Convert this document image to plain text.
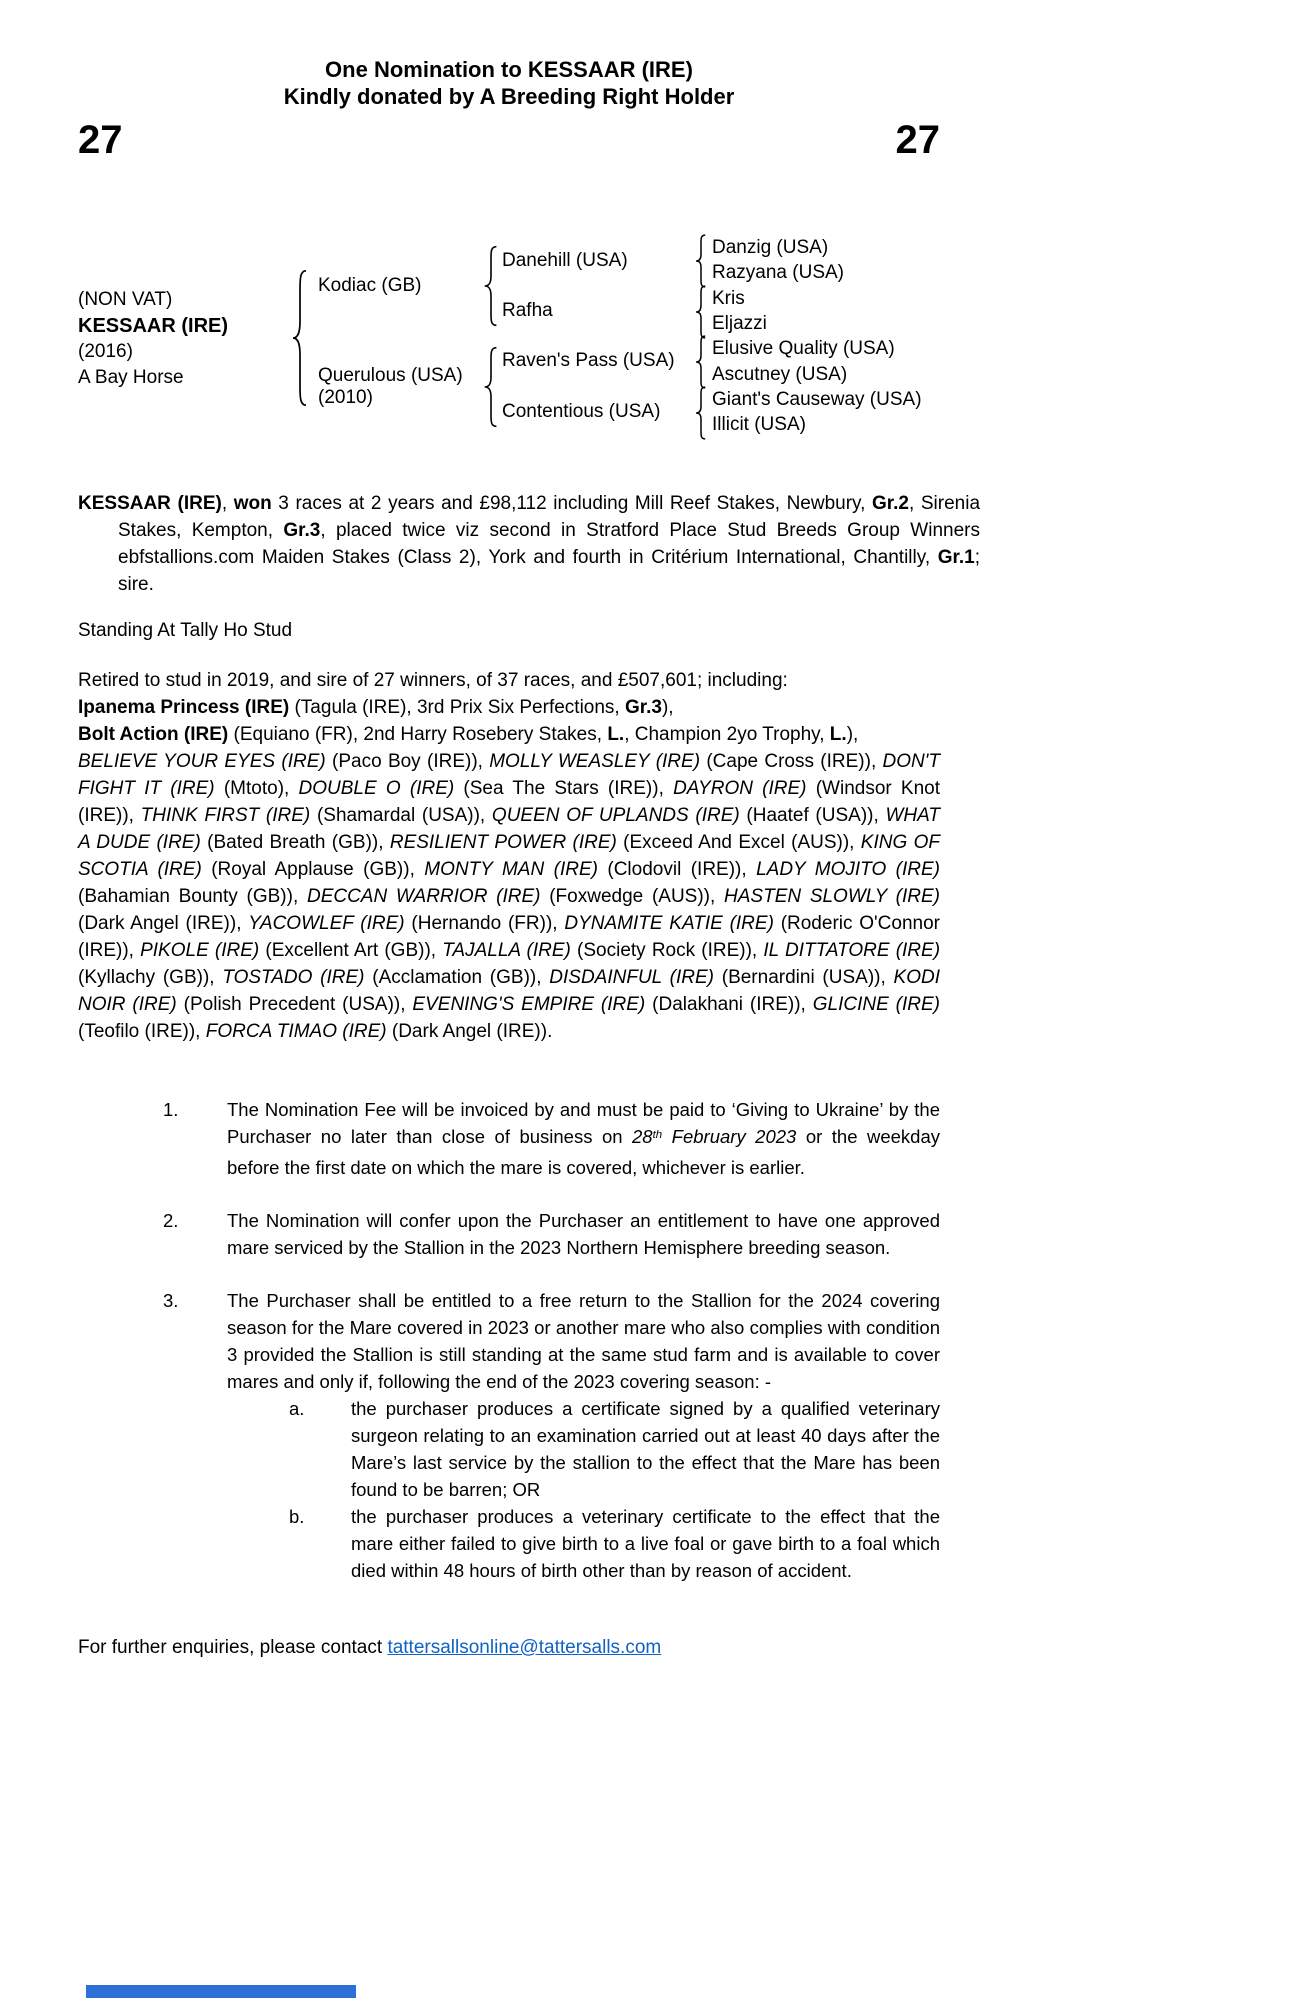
One Nomination to KESSAAR (IRE)
Kindly donated by A Breeding Right Holder
27	27
(NON VAT)
KESSAAR (IRE)
(2016)
A Bay Horse
Kodiac (GB)
Querulous (USA)
(2010)
Danehill (USA)
Rafha
Raven's Pass (USA)
Contentious (USA)
Danzig (USA)
Razyana (USA)
Kris
Eljazzi
Elusive Quality (USA)
Ascutney (USA)
Giant's Causeway (USA)
Illicit (USA)
KESSAAR (IRE), won 3 races at 2 years and £98,112 including Mill Reef Stakes, Newbury, Gr.2, Sirenia Stakes, Kempton, Gr.3, placed twice viz second in Stratford Place Stud Breeds Group Winners ebfstallions.com Maiden Stakes (Class 2), York and fourth in Critérium International, Chantilly, Gr.1; sire.
Standing At Tally Ho Stud
Retired to stud in 2019, and sire of 27 winners, of 37 races, and £507,601; including:
Ipanema Princess (IRE) (Tagula (IRE), 3rd Prix Six Perfections, Gr.3),
Bolt Action (IRE) (Equiano (FR), 2nd Harry Rosebery Stakes, L., Champion 2yo Trophy, L.),
BELIEVE YOUR EYES (IRE) (Paco Boy (IRE)), MOLLY WEASLEY (IRE) (Cape Cross (IRE)), DON'T FIGHT IT (IRE) (Mtoto), DOUBLE O (IRE) (Sea The Stars (IRE)), DAYRON (IRE) (Windsor Knot (IRE)), THINK FIRST (IRE) (Shamardal (USA)), QUEEN OF UPLANDS (IRE) (Haatef (USA)), WHAT A DUDE (IRE) (Bated Breath (GB)), RESILIENT POWER (IRE) (Exceed And Excel (AUS)), KING OF SCOTIA (IRE) (Royal Applause (GB)), MONTY MAN (IRE) (Clodovil (IRE)), LADY MOJITO (IRE) (Bahamian Bounty (GB)), DECCAN WARRIOR (IRE) (Foxwedge (AUS)), HASTEN SLOWLY (IRE) (Dark Angel (IRE)), YACOWLEF (IRE) (Hernando (FR)), DYNAMITE KATIE (IRE) (Roderic O'Connor (IRE)), PIKOLE (IRE) (Excellent Art (GB)), TAJALLA (IRE) (Society Rock (IRE)), IL DITTATORE (IRE) (Kyllachy (GB)), TOSTADO (IRE) (Acclamation (GB)), DISDAINFUL (IRE) (Bernardini (USA)), KODI NOIR (IRE) (Polish Precedent (USA)), EVENING'S EMPIRE (IRE) (Dalakhani (IRE)), GLICINE (IRE) (Teofilo (IRE)), FORCA TIMAO (IRE) (Dark Angel (IRE)).
1.	The Nomination Fee will be invoiced by and must be paid to ‘Giving to Ukraine’ by the Purchaser no later than close of business on 28th February 2023 or the weekday before the first date on which the mare is covered, whichever is earlier.
2.	The Nomination will confer upon the Purchaser an entitlement to have one approved mare serviced by the Stallion in the 2023 Northern Hemisphere breeding season.
3.	The Purchaser shall be entitled to a free return to the Stallion for the 2024 covering season for the Mare covered in 2023 or another mare who also complies with condition 3 provided the Stallion is still standing at the same stud farm and is available to cover mares and only if, following the end of the 2023 covering season: -
a.	the purchaser produces a certificate signed by a qualified veterinary surgeon relating to an examination carried out at least 40 days after the Mare’s last service by the stallion to the effect that the Mare has been found to be barren; OR
b.	the purchaser produces a veterinary certificate to the effect that the mare either failed to give birth to a live foal or gave birth to a foal which died within 48 hours of birth other than by reason of accident.
For further enquiries, please contact tattersallsonline@tattersalls.com
